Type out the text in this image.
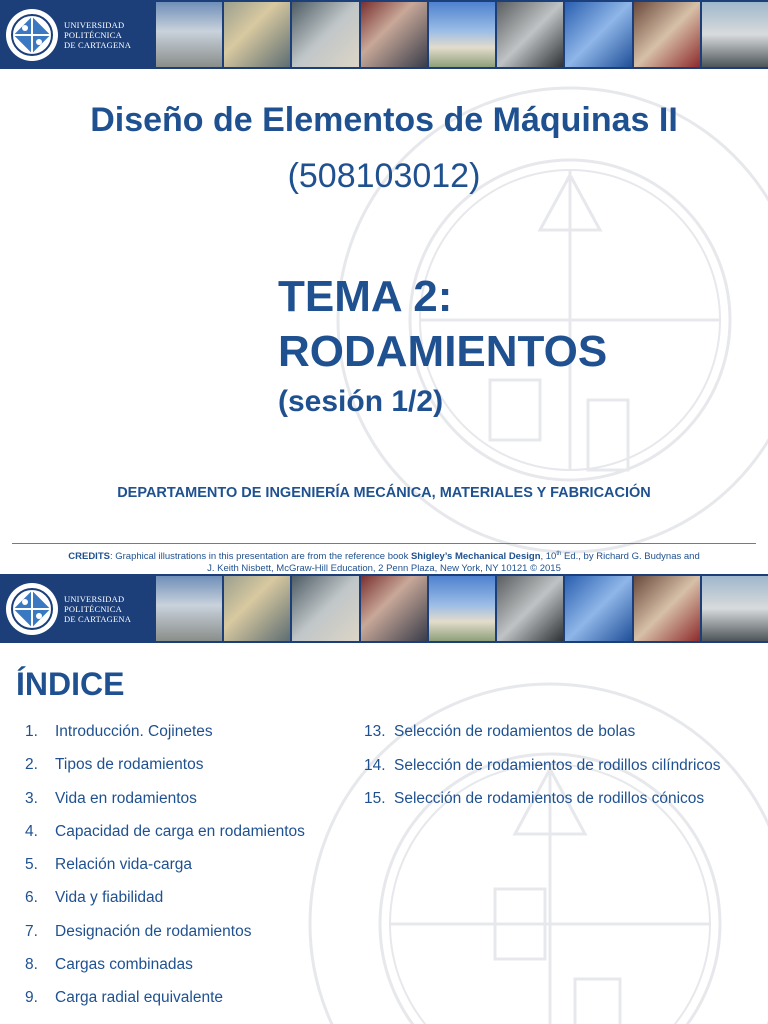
UNIVERSIDAD
POLITÉCNICA
DE CARTAGENA
Diseño de Elementos de Máquinas II
(508103012)
TEMA 2:
RODAMIENTOS
(sesión 1/2)
DEPARTAMENTO DE INGENIERÍA MECÁNICA, MATERIALES Y FABRICACIÓN
CREDITS: Graphical illustrations in this presentation are from the reference book Shigley’s Mechanical Design, 10th Ed., by Richard G. Budynas and
J. Keith Nisbett, McGraw-Hill Education, 2 Penn Plaza, New York, NY 10121 © 2015
UNIVERSIDAD
POLITÉCNICA
DE CARTAGENA
ÍNDICE
1. Introducción. Cojinetes
2. Tipos de rodamientos
3. Vida en rodamientos
4. Capacidad de carga en rodamientos
5. Relación vida-carga
6. Vida y fiabilidad
7. Designación de rodamientos
8. Cargas combinadas
9. Carga radial equivalente
13. Selección de rodamientos de bolas
14. Selección de rodamientos de rodillos cilíndricos
15. Selección de rodamientos de rodillos cónicos
